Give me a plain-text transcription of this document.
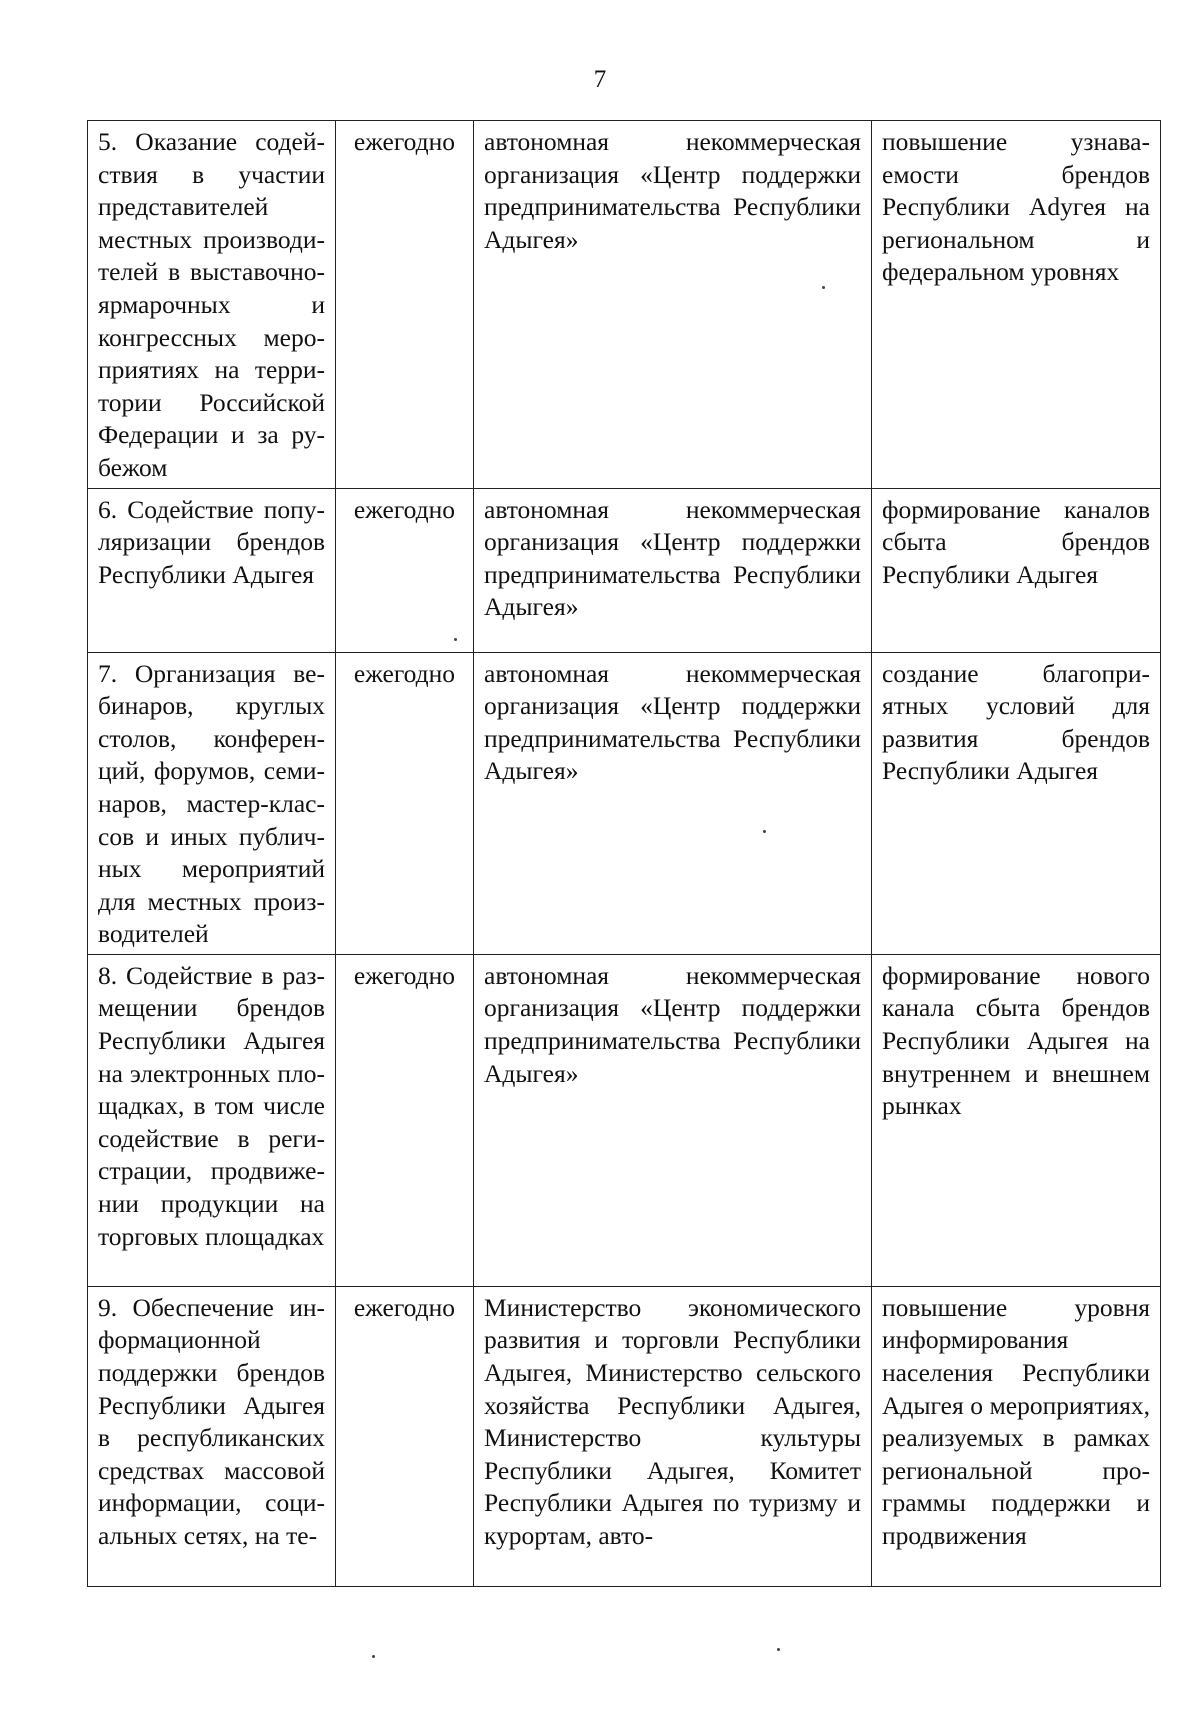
7
5. Оказание содействия в участии представителей местных производителей в выставочно-ярмарочных и конгрессных мероприятиях на территории Российской Федерации и за рубежом	ежегодно	автономная некоммерческая организация «Центр поддержки предпринимательства Республики Адыгея»	повышение узнаваемости брендов Республики Adyгея на региональном и федеральном уровнях
6. Содействие популяризации брендов Республики Адыгея	ежегодно	автономная некоммерческая организация «Центр поддержки предпринимательства Республики Адыгея»	формирование каналов сбыта брендов Республики Адыгея
7. Организация вебинаров, круглых столов, конференций, форумов, семинаров, мастер-классов и иных публичных мероприятий для местных производителей	ежегодно	автономная некоммерческая организация «Центр поддержки предпринимательства Республики Адыгея»	создание благоприятных условий для развития брендов Республики Адыгея
8. Содействие в размещении брендов Республики Адыгея на электронных площадках, в том числе содействие в регистрации, продвижении продукции на торговых площадках	ежегодно	автономная некоммерческая организация «Центр поддержки предпринимательства Республики Адыгея»	формирование нового канала сбыта брендов Республики Адыгея на внутреннем и внешнем рынках
9. Обеспечение информационной поддержки брендов Республики Адыгея в республиканских средствах массовой информации, социальных сетях, на те-	ежегодно	Министерство экономического развития и торговли Республики Адыгея, Министерство сельского хозяйства Республики Адыгея, Министерство культуры Республики Адыгея, Комитет Республики Адыгея по туризму и курортам, авто-	повышение уровня информирования населения Республики Адыгея о мероприятиях, реализуемых в рамках региональной программы поддержки и продвижения
